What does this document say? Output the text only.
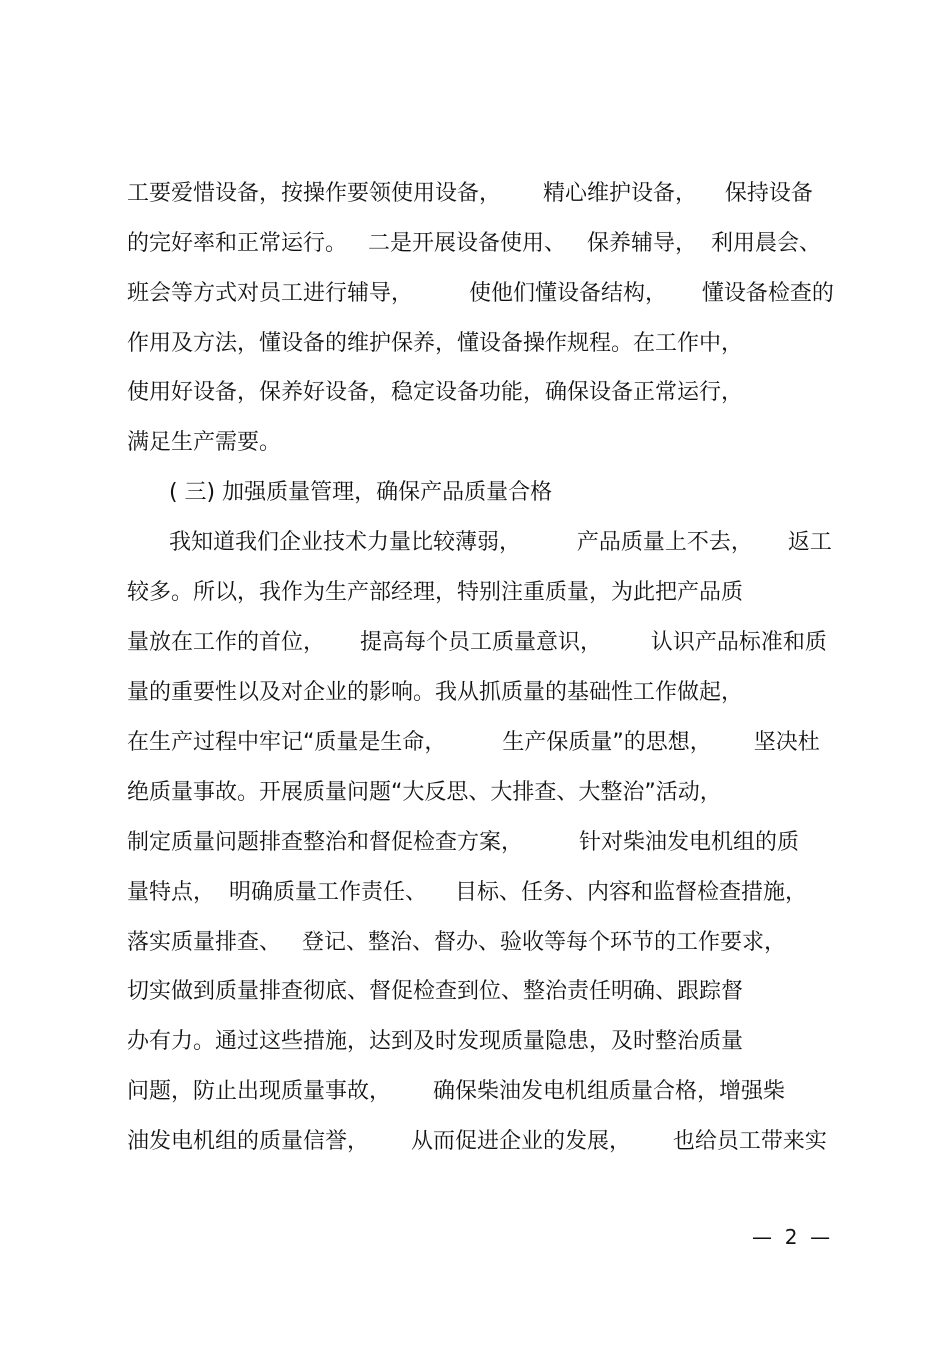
工要爱惜设备，按操作要领使用设备，      精心维护设备，    保持设备
的完好率和正常运行。   二是开展设备使用、   保养辅导，  利用晨会、
班会等方式对员工进行辅导，        使他们懂设备结构，     懂设备检查的
作用及方法，懂设备的维护保养，懂设备操作规程。在工作中，
使用好设备，保养好设备，稳定设备功能，确保设备正常运行，
满足生产需要。
( 三) 加强质量管理，确保产品质量合格
我知道我们企业技术力量比较薄弱，        产品质量上不去，     返工
较多。所以，我作为生产部经理，特别注重质量，为此把产品质
量放在工作的首位，     提高每个员工质量意识，       认识产品标准和质
量的重要性以及对企业的影响。我从抓质量的基础性工作做起，
在生产过程中牢记“质量是生命，        生产保质量”的思想，      坚决杜
绝质量事故。开展质量问题“大反思、大排查、大整治”活动，
制定质量问题排查整治和督促检查方案，        针对柴油发电机组的质
量特点，  明确质量工作责任、    目标、任务、内容和监督检查措施，
落实质量排查、   登记、整治、督办、验收等每个环节的工作要求，
切实做到质量排查彻底、督促检查到位、整治责任明确、跟踪督
办有力。通过这些措施，达到及时发现质量隐患，及时整治质量
问题，防止出现质量事故，      确保柴油发电机组质量合格，增强柴
油发电机组的质量信誉，      从而促进企业的发展，      也给员工带来实
—  2  —
